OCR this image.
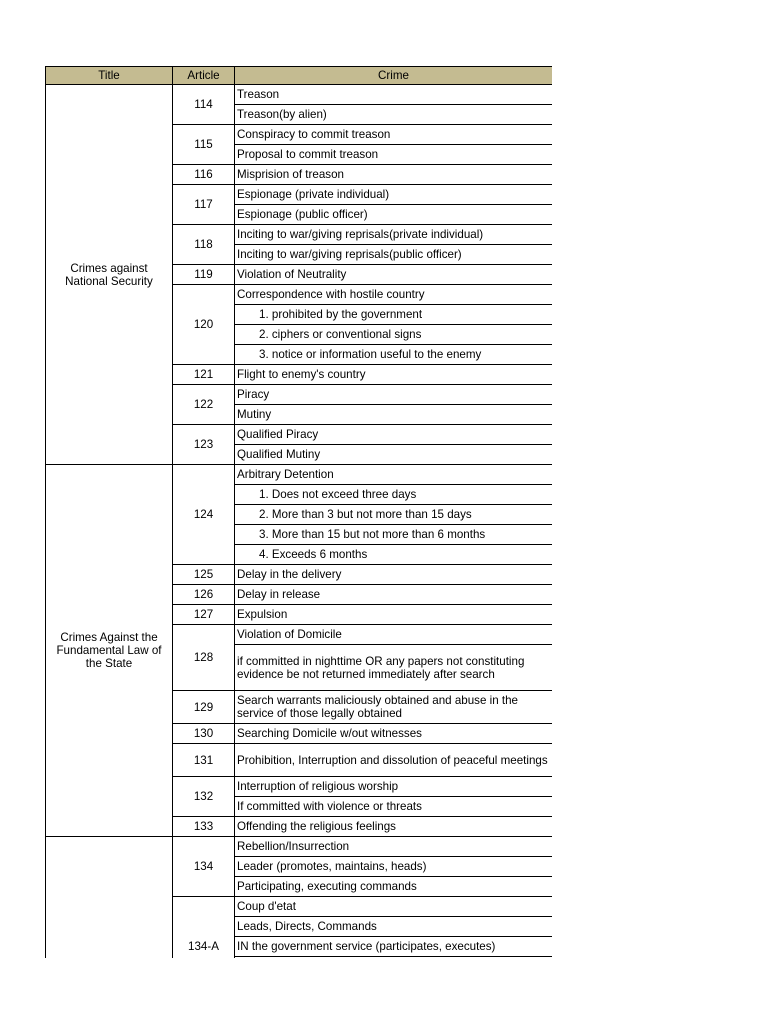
Title	Article	Crime
Crimes against National Security	114	Treason
		Treason(by alien)
	115	Conspiracy to commit treason
		Proposal to commit treason
	116	Misprision of treason
	117	Espionage (private individual)
		Espionage (public officer)
	118	Inciting to war/giving reprisals(private individual)
		Inciting to war/giving reprisals(public officer)
	119	Violation of Neutrality
	120	Correspondence with hostile country
		1. prohibited by the government
		2. ciphers or conventional signs
		3. notice or information useful to the enemy
	121	Flight to enemy's country
	122	Piracy
		Mutiny
	123	Qualified Piracy
		Qualified Mutiny
Crimes Against the Fundamental Law of the State	124	Arbitrary Detention
		1. Does not exceed three days
		2. More than 3 but not more than 15 days
		3. More than 15 but not more than 6 months
		4. Exceeds 6 months
	125	Delay in the delivery
	126	Delay in release
	127	Expulsion
	128	Violation of Domicile
		if committed in nighttime OR any papers not constituting evidence be not returned immediately after search
	129	Search warrants maliciously obtained and abuse in the service of those legally obtained
	130	Searching Domicile w/out witnesses
	131	Prohibition, Interruption and dissolution of peaceful meetings
	132	Interruption of religious worship
		If committed with violence or threats
	133	Offending the religious feelings
	134	Rebellion/Insurrection
		Leader (promotes, maintains, heads)
		Participating, executing commands
	134-A	Coup d'etat
		Leads, Directs, Commands
		IN the government service (participates, executes)
